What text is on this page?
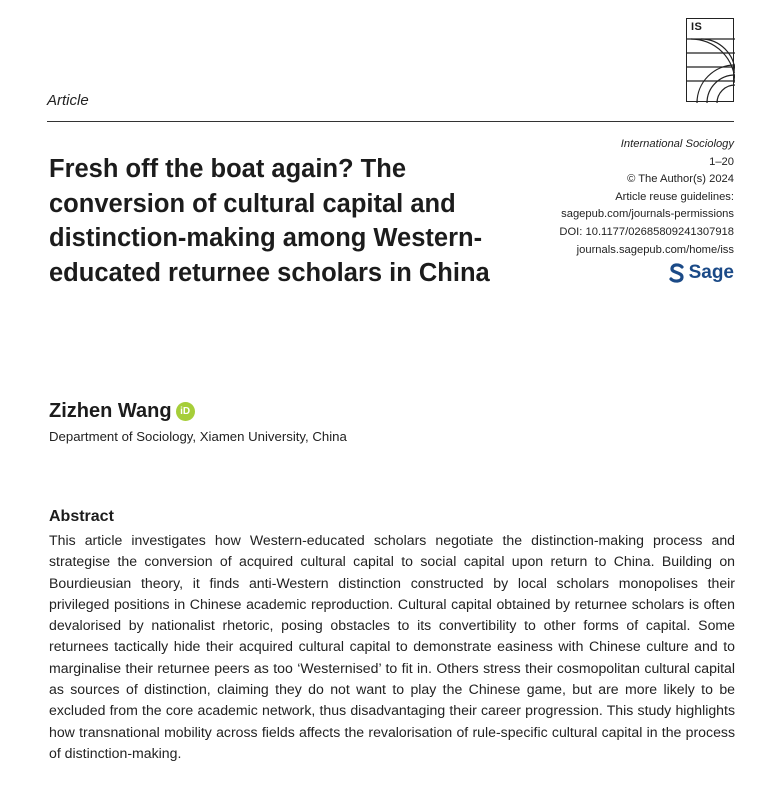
IS
Article
Fresh off the boat again? The conversion of cultural capital and distinction-making among Western-educated returnee scholars in China
International Sociology
1–20
© The Author(s) 2024
Article reuse guidelines:
sagepub.com/journals-permissions
DOI: 10.1177/02685809241307918
journals.sagepub.com/home/iss
Sage
Zizhen Wang iD
Department of Sociology, Xiamen University, China
Abstract

This article investigates how Western-educated scholars negotiate the distinction-making process and strategise the conversion of acquired cultural capital to social capital upon return to China. Building on Bourdieusian theory, it finds anti-Western distinction constructed by local scholars monopolises their privileged positions in Chinese academic reproduction. Cultural capital obtained by returnee scholars is often devalorised by nationalist rhetoric, posing obstacles to its convertibility to other forms of capital. Some returnees tactically hide their acquired cultural capital to demonstrate easiness with Chinese culture and to marginalise their returnee peers as too ‘Westernised’ to fit in. Others stress their cosmopolitan cultural capital as sources of distinction, claiming they do not want to play the Chinese game, but are more likely to be excluded from the core academic network, thus disadvantaging their career progression. This study highlights how transnational mobility across fields affects the revalorisation of rule-specific cultural capital in the process of distinction-making.
